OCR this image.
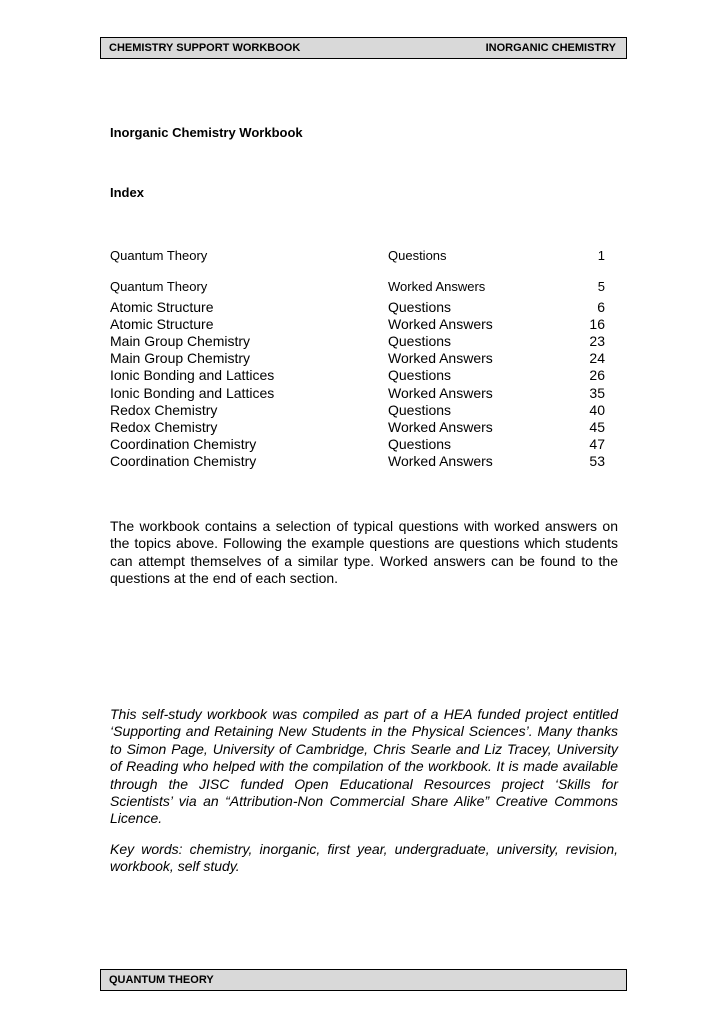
CHEMISTRY SUPPORT WORKBOOK	INORGANIC CHEMISTRY
Inorganic Chemistry Workbook
Index
Quantum Theory	Questions	1
Quantum Theory	Worked Answers	5
Atomic Structure	Questions	6
Atomic Structure	Worked Answers	16
Main Group Chemistry	Questions	23
Main Group Chemistry	Worked Answers	24
Ionic Bonding and Lattices	Questions	26
Ionic Bonding and Lattices	Worked Answers	35
Redox Chemistry	Questions	40
Redox Chemistry	Worked Answers	45
Coordination Chemistry	Questions	47
Coordination Chemistry	Worked Answers	53

The workbook contains a selection of typical questions with worked answers on the topics above. Following the example questions are questions which students can attempt themselves of a similar type. Worked answers can be found to the questions at the end of each section.

This self-study workbook was compiled as part of a HEA funded project entitled ‘Supporting and Retaining New Students in the Physical Sciences’. Many thanks to Simon Page, University of Cambridge, Chris Searle and Liz Tracey, University of Reading who helped with the compilation of the workbook. It is made available through the JISC funded Open Educational Resources project ‘Skills for Scientists’ via an “Attribution-Non Commercial Share Alike” Creative Commons Licence.

Key words: chemistry, inorganic, first year, undergraduate, university, revision, workbook, self study.

QUANTUM THEORY
